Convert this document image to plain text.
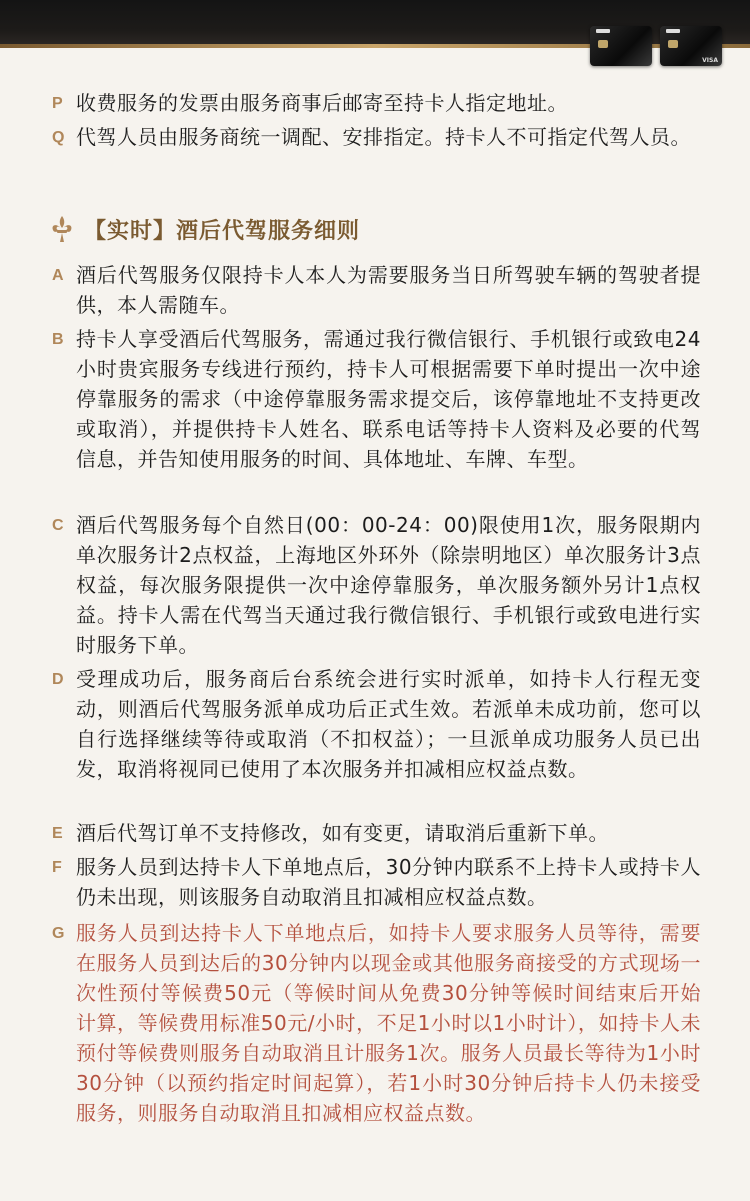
VISA
P 收费服务的发票由服务商事后邮寄至持卡人指定地址。
Q 代驾人员由服务商统一调配、安排指定。持卡人不可指定代驾人员。
【实时】酒后代驾服务细则
A 酒后代驾服务仅限持卡人本人为需要服务当日所驾驶车辆的驾驶者提供，本人需随车。
B 持卡人享受酒后代驾服务，需通过我行微信银行、手机银行或致电24小时贵宾服务专线进行预约，持卡人可根据需要下单时提出一次中途停靠服务的需求（中途停靠服务需求提交后，该停靠地址不支持更改或取消），并提供持卡人姓名、联系电话等持卡人资料及必要的代驾信息，并告知使用服务的时间、具体地址、车牌、车型。
C 酒后代驾服务每个自然日(00：00-24：00)限使用1次，服务限期内单次服务计2点权益，上海地区外环外（除崇明地区）单次服务计3点权益，每次服务限提供一次中途停靠服务，单次服务额外另计1点权益。持卡人需在代驾当天通过我行微信银行、手机银行或致电进行实时服务下单。
D 受理成功后，服务商后台系统会进行实时派单，如持卡人行程无变动，则酒后代驾服务派单成功后正式生效。若派单未成功前，您可以自行选择继续等待或取消（不扣权益）；一旦派单成功服务人员已出发，取消将视同已使用了本次服务并扣减相应权益点数。
E 酒后代驾订单不支持修改，如有变更，请取消后重新下单。
F 服务人员到达持卡人下单地点后，30分钟内联系不上持卡人或持卡人仍未出现，则该服务自动取消且扣减相应权益点数。
G 服务人员到达持卡人下单地点后，如持卡人要求服务人员等待，需要在服务人员到达后的30分钟内以现金或其他服务商接受的方式现场一次性预付等候费50元（等候时间从免费30分钟等候时间结束后开始计算，等候费用标准50元/小时，不足1小时以1小时计），如持卡人未预付等候费则服务自动取消且计服务1次。服务人员最长等待为1小时30分钟（以预约指定时间起算），若1小时30分钟后持卡人仍未接受服务，则服务自动取消且扣减相应权益点数。
